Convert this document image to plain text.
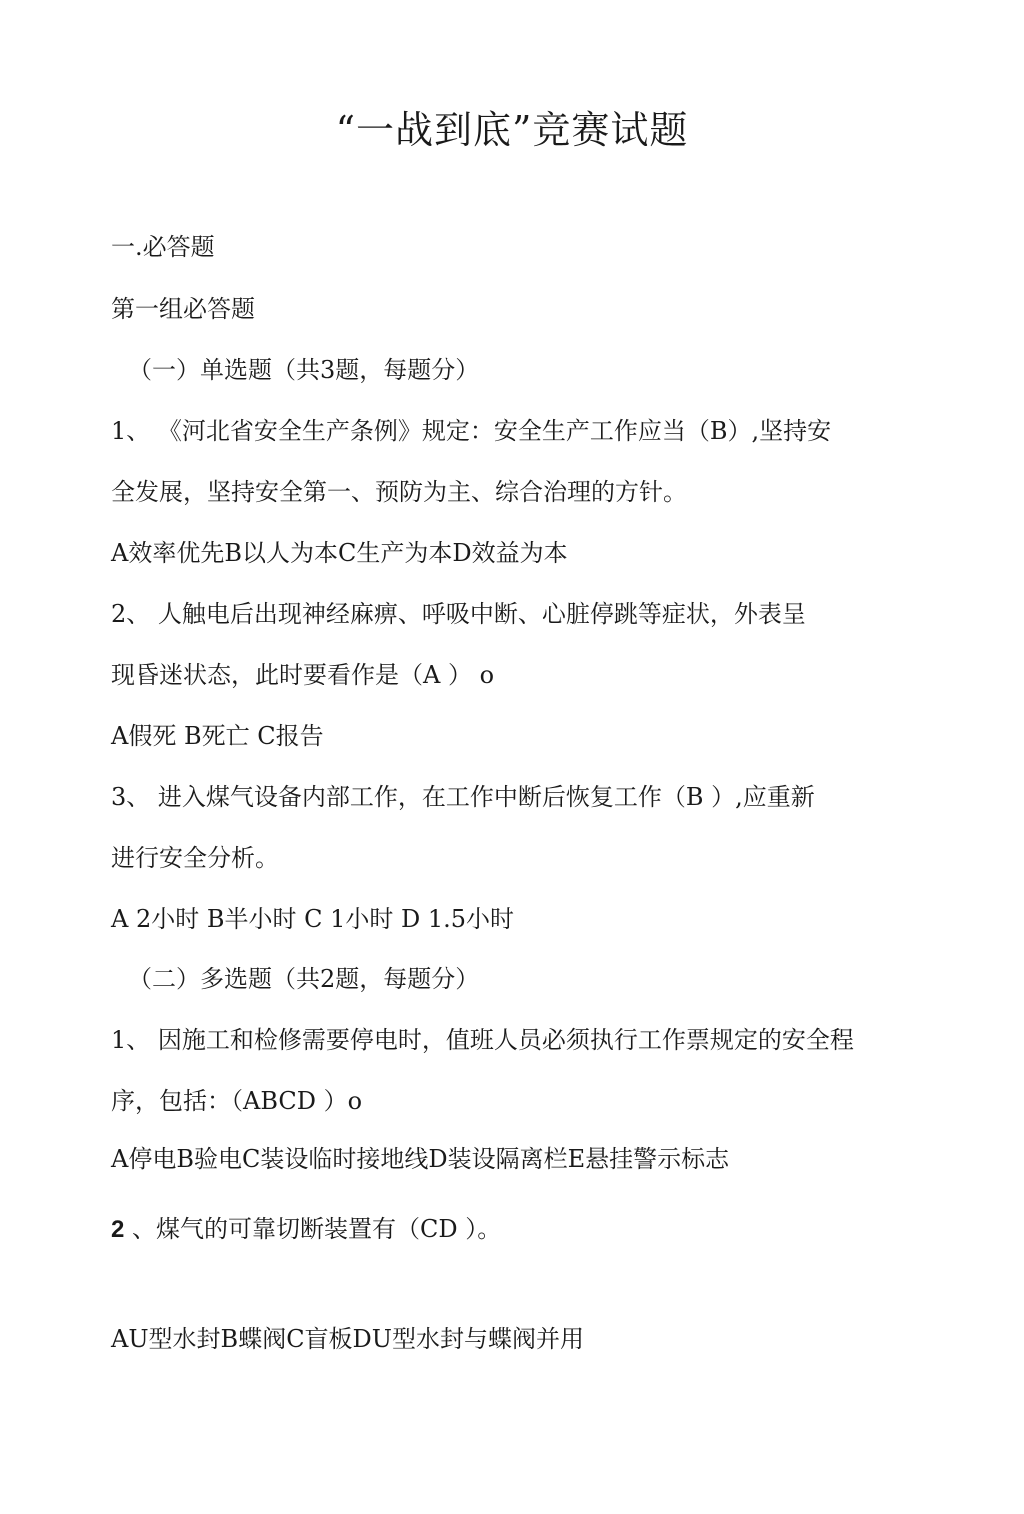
“一战到底”竞赛试题
一.必答题
第一组必答题
（一）单选题（共3题，每题分）
1、 《河北省安全生产条例》规定：安全生产工作应当（B）,坚持安
全发展，坚持安全第一、预防为主、综合治理的方针。
A效率优先B以人为本C生产为本D效益为本
2、 人触电后出现神经麻痹、呼吸中断、心脏停跳等症状，外表呈
现昏迷状态，此时要看作是（A ） o
A假死 B死亡 C报告
3、 进入煤气设备内部工作，在工作中断后恢复工作（B ）,应重新
进行安全分析。
A 2小时 B半小时 C 1小时 D 1.5小时
（二）多选题（共2题，每题分）
1、 因施工和检修需要停电时，值班人员必须执行工作票规定的安全程
序，包括：（ABCD ）o
A停电B验电C装设临时接地线D装设隔离栏E悬挂警示标志
2 、煤气的可靠切断装置有（CD ）。
AU型水封B蝶阀C盲板DU型水封与蝶阀并用
